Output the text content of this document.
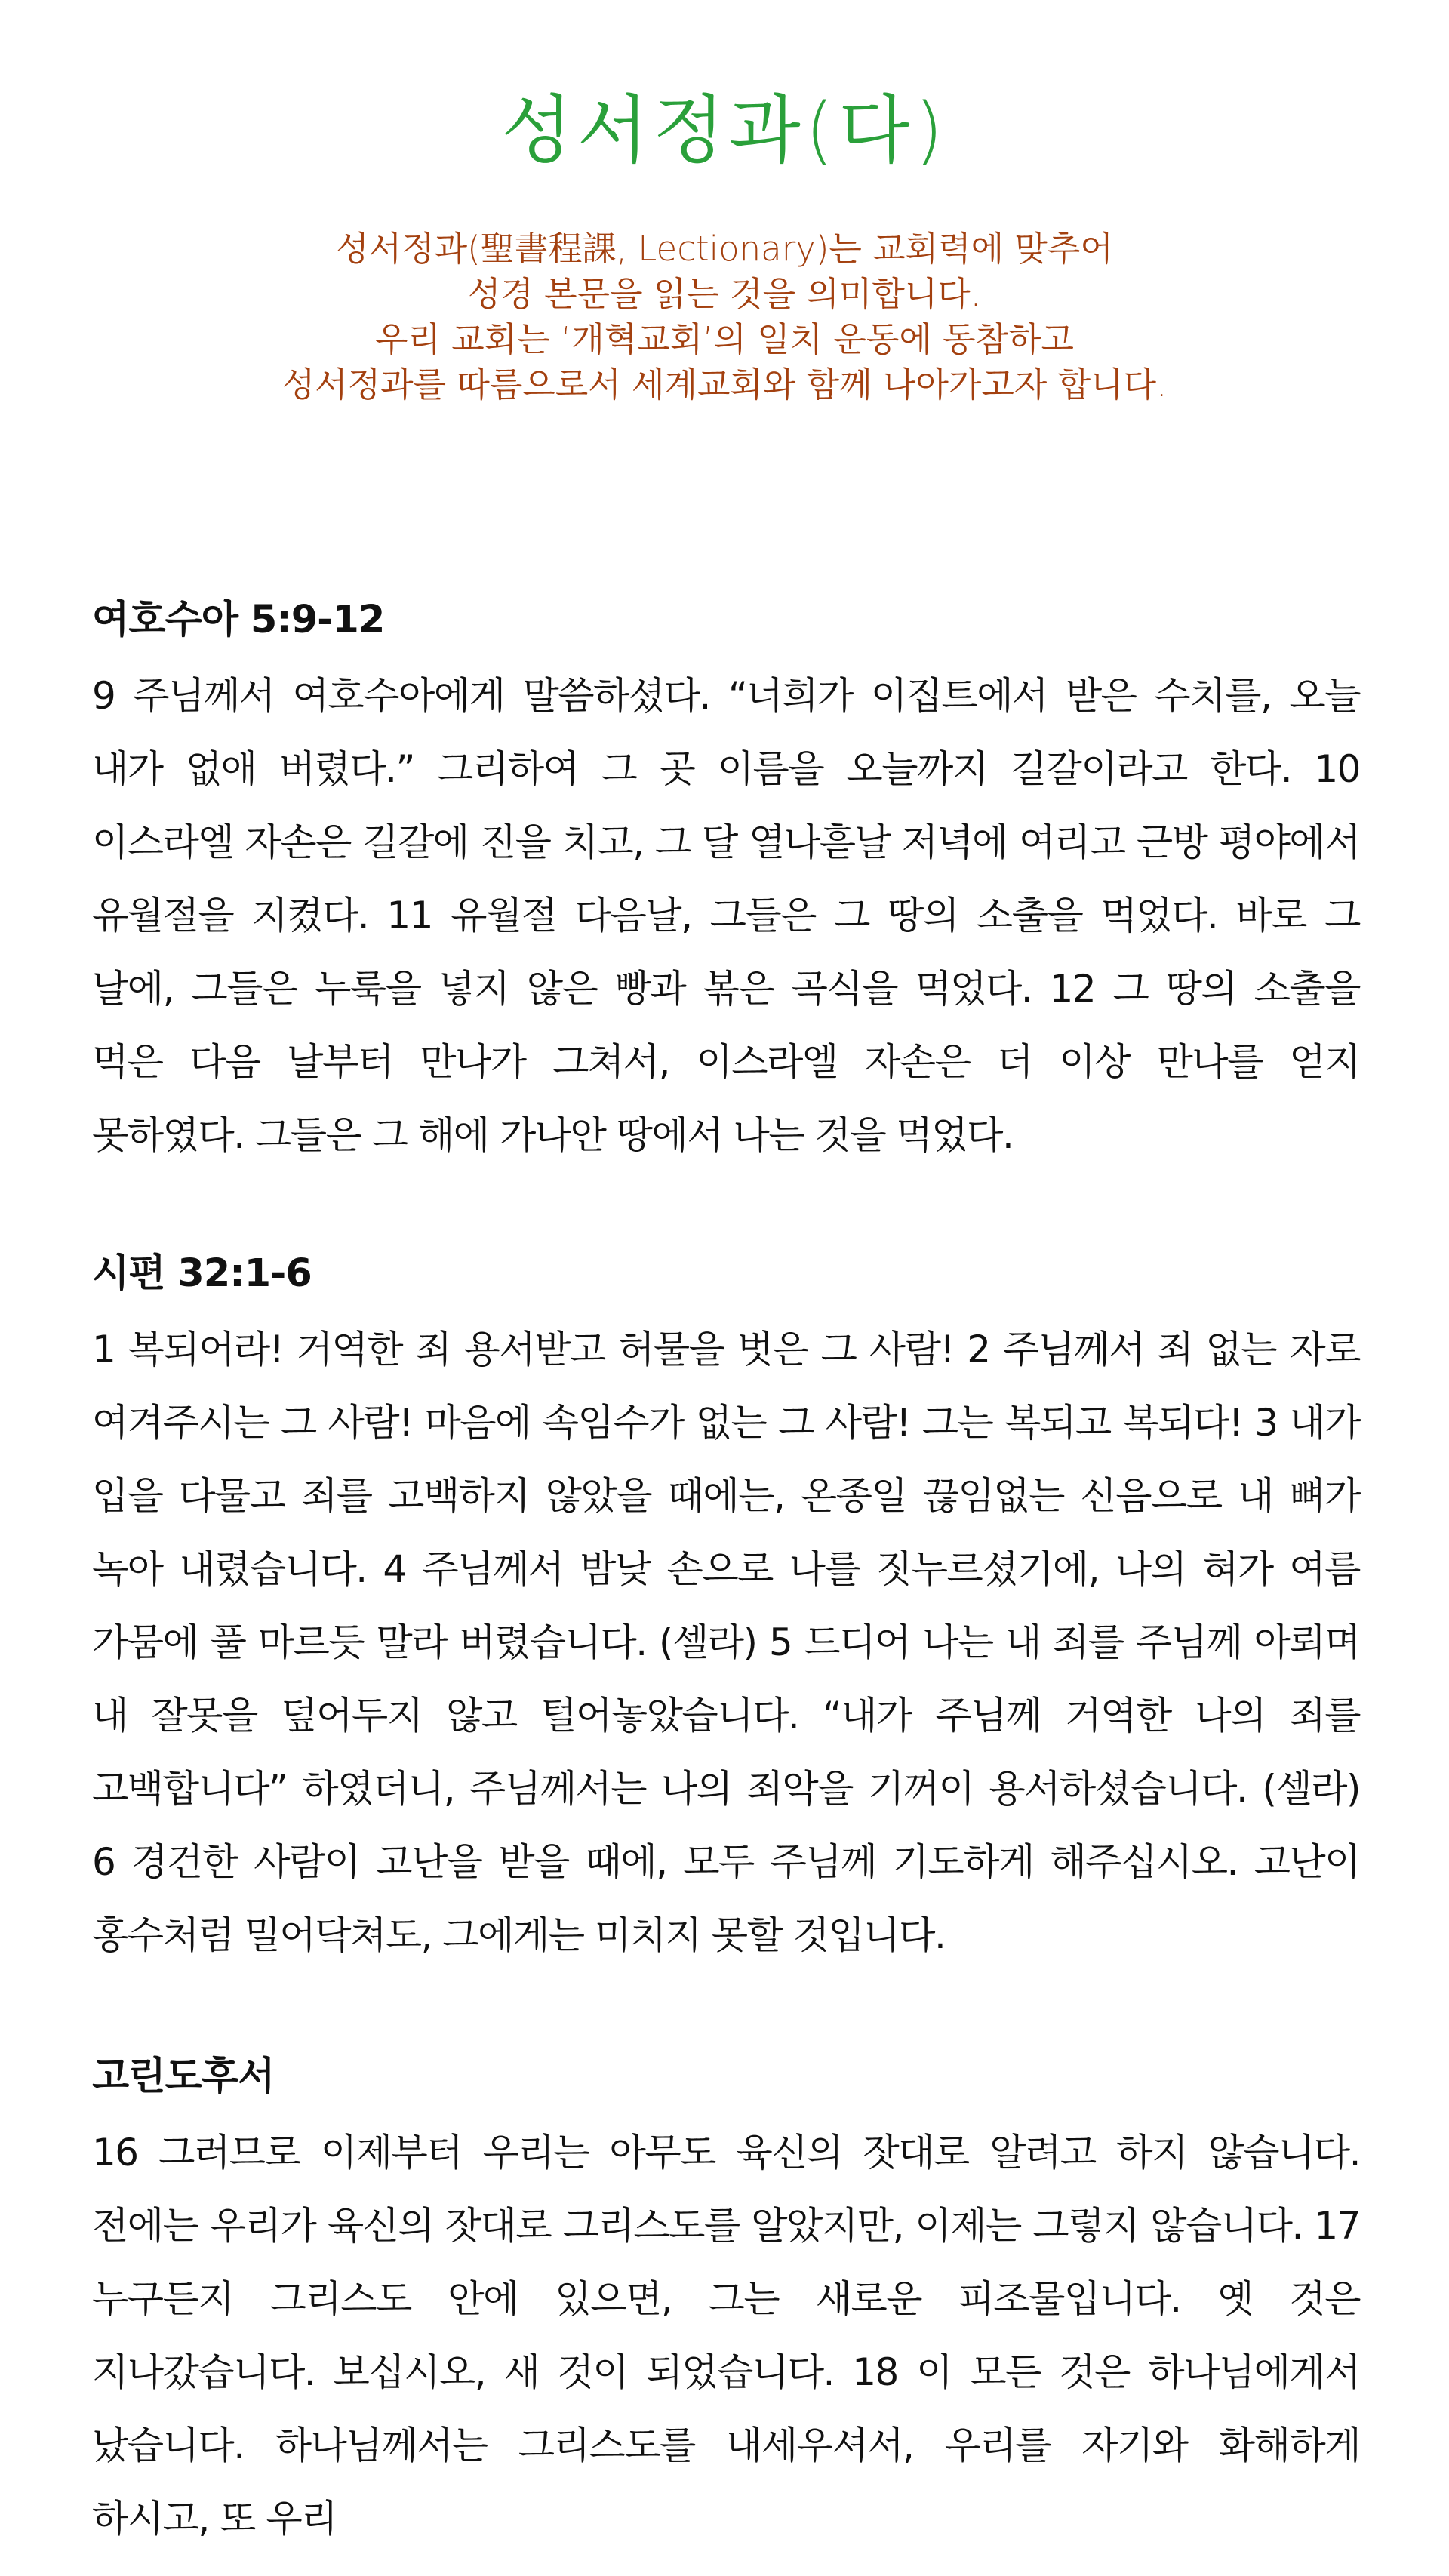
성서정과(다)
성서정과(聖書程課, Lectionary)는 교회력에 맞추어
성경 본문을 읽는 것을 의미합니다.
우리 교회는 ‘개혁교회’의 일치 운동에 동참하고
성서정과를 따름으로서 세계교회와 함께 나아가고자 합니다.
여호수아 5:9-12
9 주님께서 여호수아에게 말씀하셨다. “너희가 이집트에서 받은 수치를, 오늘 내가 없애 버렸다.” 그리하여 그 곳 이름을 오늘까지 길갈이라고 한다. 10 이스라엘 자손은 길갈에 진을 치고, 그 달 열나흗날 저녁에 여리고 근방 평야에서 유월절을 지켰다. 11 유월절 다음날, 그들은 그 땅의 소출을 먹었다. 바로 그 날에, 그들은 누룩을 넣지 않은 빵과 볶은 곡식을 먹었다. 12 그 땅의 소출을 먹은 다음 날부터 만나가 그쳐서, 이스라엘 자손은 더 이상 만나를 얻지 못하였다. 그들은 그 해에 가나안 땅에서 나는 것을 먹었다.
시편 32:1-6
1 복되어라! 거역한 죄 용서받고 허물을 벗은 그 사람! 2 주님께서 죄 없는 자로 여겨주시는 그 사람! 마음에 속임수가 없는 그 사람! 그는 복되고 복되다! 3 내가 입을 다물고 죄를 고백하지 않았을 때에는, 온종일 끊임없는 신음으로 내 뼈가 녹아 내렸습니다. 4 주님께서 밤낮 손으로 나를 짓누르셨기에, 나의 혀가 여름 가뭄에 풀 마르듯 말라 버렸습니다. (셀라) 5 드디어 나는 내 죄를 주님께 아뢰며 내 잘못을 덮어두지 않고 털어놓았습니다. “내가 주님께 거역한 나의 죄를 고백합니다” 하였더니, 주님께서는 나의 죄악을 기꺼이 용서하셨습니다. (셀라) 6 경건한 사람이 고난을 받을 때에, 모두 주님께 기도하게 해주십시오. 고난이 홍수처럼 밀어닥쳐도, 그에게는 미치지 못할 것입니다.
고린도후서
16 그러므로 이제부터 우리는 아무도 육신의 잣대로 알려고 하지 않습니다. 전에는 우리가 육신의 잣대로 그리스도를 알았지만, 이제는 그렇지 않습니다. 17 누구든지 그리스도 안에 있으면, 그는 새로운 피조물입니다. 옛 것은 지나갔습니다. 보십시오, 새 것이 되었습니다. 18 이 모든 것은 하나님에게서 났습니다. 하나님께서는 그리스도를 내세우셔서, 우리를 자기와 화해하게 하시고, 또 우리
